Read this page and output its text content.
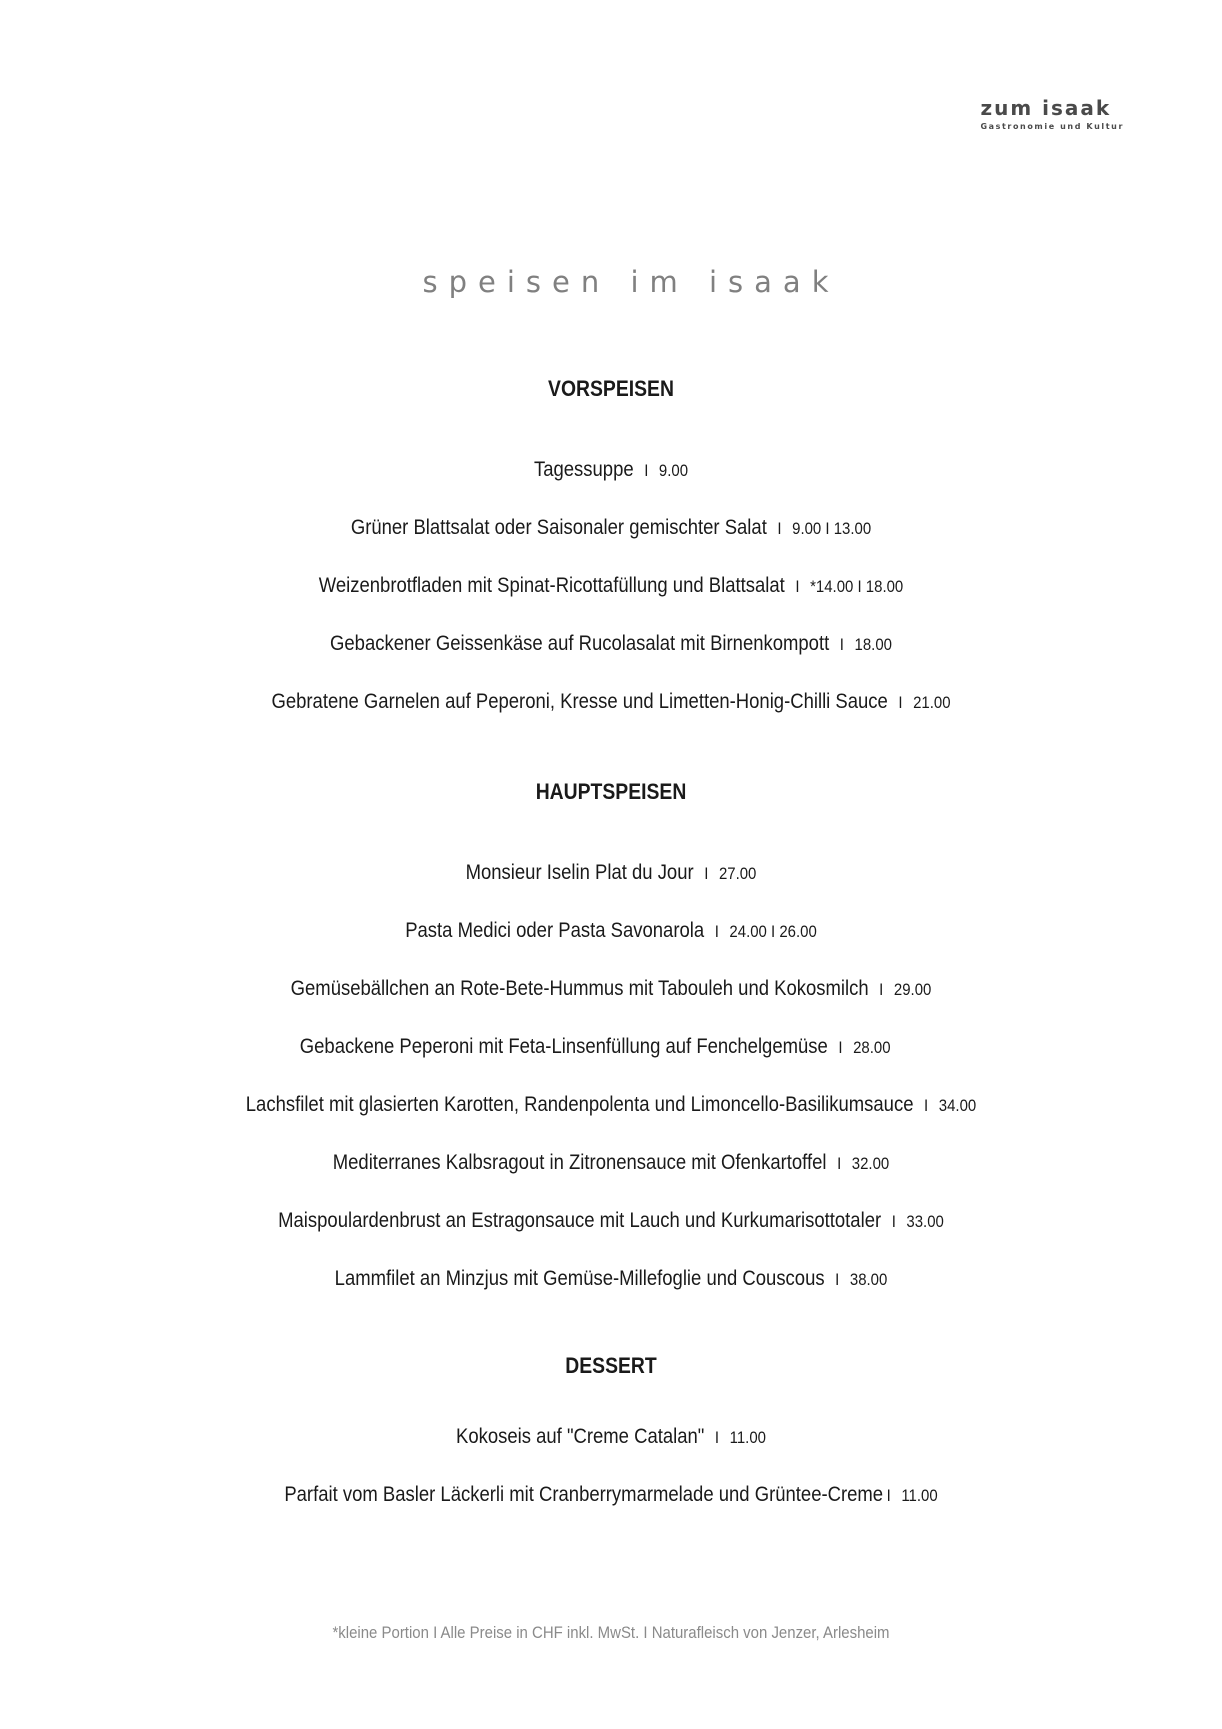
zum isaak
Gastronomie und Kultur
speisen im isaak
VORSPEISEN
Tagessuppe I 9.00
Grüner Blattsalat oder Saisonaler gemischter Salat I 9.00 I 13.00
Weizenbrotfladen mit Spinat-Ricottafüllung und Blattsalat I *14.00 I 18.00
Gebackener Geissenkäse auf Rucolasalat mit Birnenkompott I 18.00
Gebratene Garnelen auf Peperoni, Kresse und Limetten-Honig-Chilli Sauce I 21.00
HAUPTSPEISEN
Monsieur Iselin Plat du Jour I 27.00
Pasta Medici oder Pasta Savonarola I 24.00 I 26.00
Gemüsebällchen an Rote-Bete-Hummus mit Tabouleh und Kokosmilch I 29.00
Gebackene Peperoni mit Feta-Linsenfüllung auf Fenchelgemüse I 28.00
Lachsfilet mit glasierten Karotten, Randenpolenta und Limoncello-Basilikumsauce I 34.00
Mediterranes Kalbsragout in Zitronensauce mit Ofenkartoffel I 32.00
Maispoulardenbrust an Estragonsauce mit Lauch und Kurkumarisottotaler I 33.00
Lammfilet an Minzjus mit Gemüse-Millefoglie und Couscous I 38.00
DESSERT
Kokoseis auf "Creme Catalan" I 11.00
Parfait vom Basler Läckerli mit Cranberrymarmelade und Grüntee-Creme I 11.00
*kleine Portion I Alle Preise in CHF inkl. MwSt. I Naturafleisch von Jenzer, Arlesheim
